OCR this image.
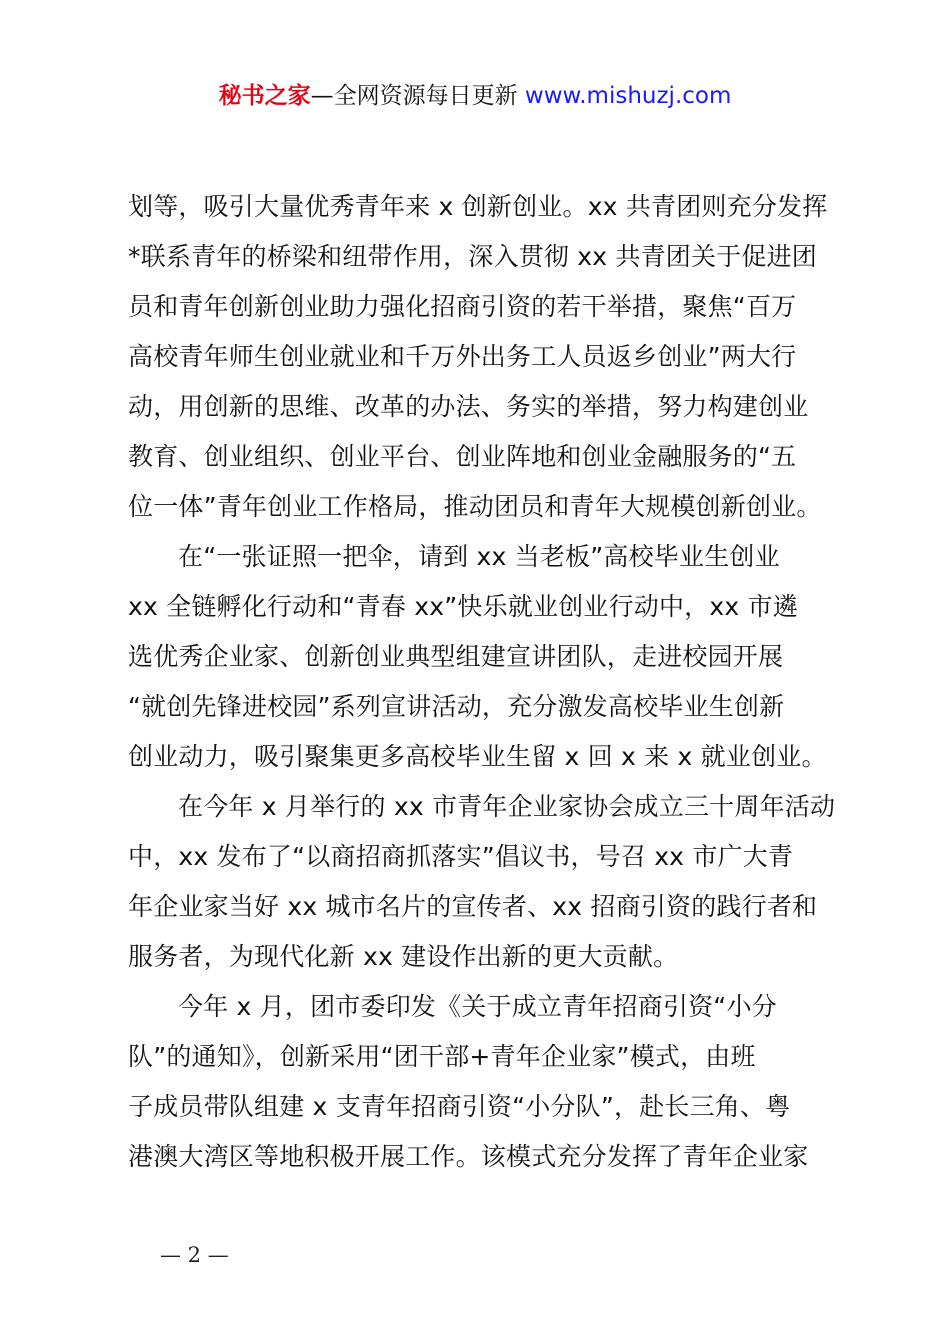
秘书之家—全网资源每日更新 www.mishuzj.com
划等，吸引大量优秀青年来 x 创新创业。xx 共青团则充分发挥
*联系青年的桥梁和纽带作用，深入贯彻 xx 共青团关于促进团
员和青年创新创业助力强化招商引资的若干举措，聚焦“百万
高校青年师生创业就业和千万外出务工人员返乡创业”两大行
动，用创新的思维、改革的办法、务实的举措，努力构建创业
教育、创业组织、创业平台、创业阵地和创业金融服务的“五
位一体”青年创业工作格局，推动团员和青年大规模创新创业。
在“一张证照一把伞，请到 xx 当老板”高校毕业生创业
xx 全链孵化行动和“青春 xx”快乐就业创业行动中，xx 市遴
选优秀企业家、创新创业典型组建宣讲团队，走进校园开展
“就创先锋进校园”系列宣讲活动，充分激发高校毕业生创新
创业动力，吸引聚集更多高校毕业生留 x 回 x 来 x 就业创业。
在今年 x 月举行的 xx 市青年企业家协会成立三十周年活动
中，xx 发布了“以商招商抓落实”倡议书，号召 xx 市广大青
年企业家当好 xx 城市名片的宣传者、xx 招商引资的践行者和
服务者，为现代化新 xx 建设作出新的更大贡献。
今年 x 月，团市委印发《关于成立青年招商引资“小分
队”的通知》，创新采用“团干部+青年企业家”模式，由班
子成员带队组建 x 支青年招商引资“小分队”，赴长三角、粤
港澳大湾区等地积极开展工作。该模式充分发挥了青年企业家
— 2 —
